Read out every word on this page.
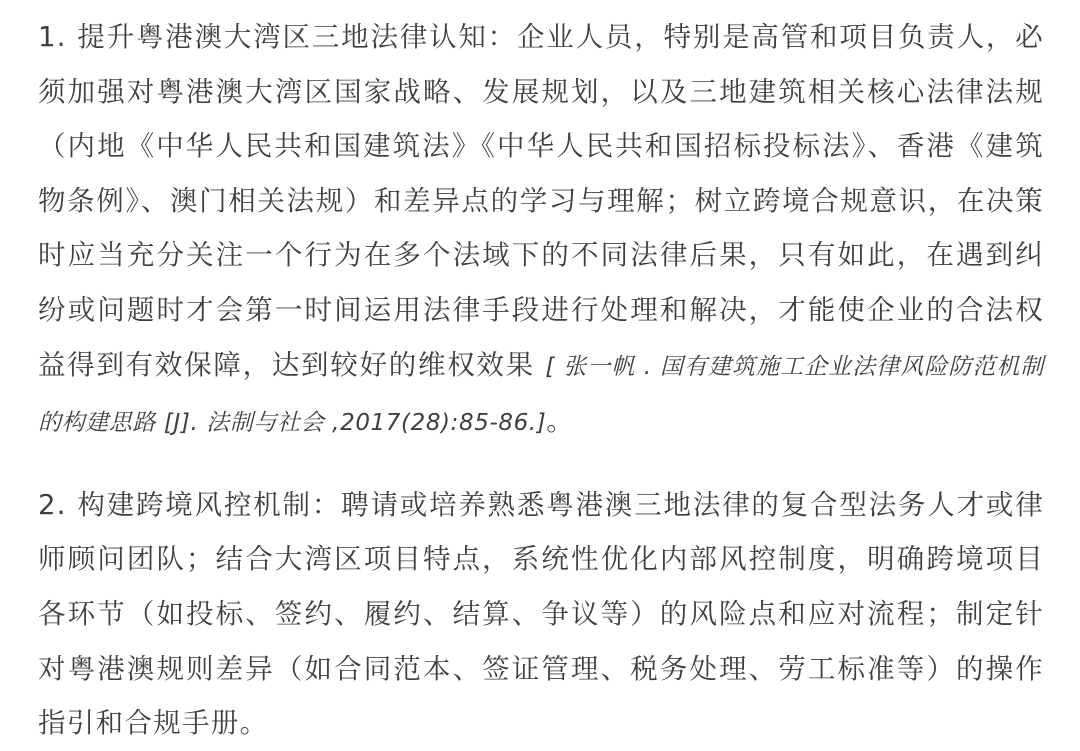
1. 提升粤港澳大湾区三地法律认知：企业人员，特别是高管和项目负责人，必须加强对粤港澳大湾区国家战略、发展规划，以及三地建筑相关核心法律法规（内地《中华人民共和国建筑法》《中华人民共和国招标投标法》、香港《建筑物条例》、澳门相关法规）和差异点的学习与理解；树立跨境合规意识，在决策时应当充分关注一个行为在多个法域下的不同法律后果，只有如此，在遇到纠纷或问题时才会第一时间运用法律手段进行处理和解决，才能使企业的合法权益得到有效保障，达到较好的维权效果 [ 张一帆 . 国有建筑施工企业法律风险防范机制的构建思路 [J]. 法制与社会 ,2017(28):85-86.]。

2. 构建跨境风控机制：聘请或培养熟悉粤港澳三地法律的复合型法务人才或律师顾问团队；结合大湾区项目特点，系统性优化内部风控制度，明确跨境项目各环节（如投标、签约、履约、结算、争议等）的风险点和应对流程；制定针对粤港澳规则差异（如合同范本、签证管理、税务处理、劳工标准等）的操作指引和合规手册。
